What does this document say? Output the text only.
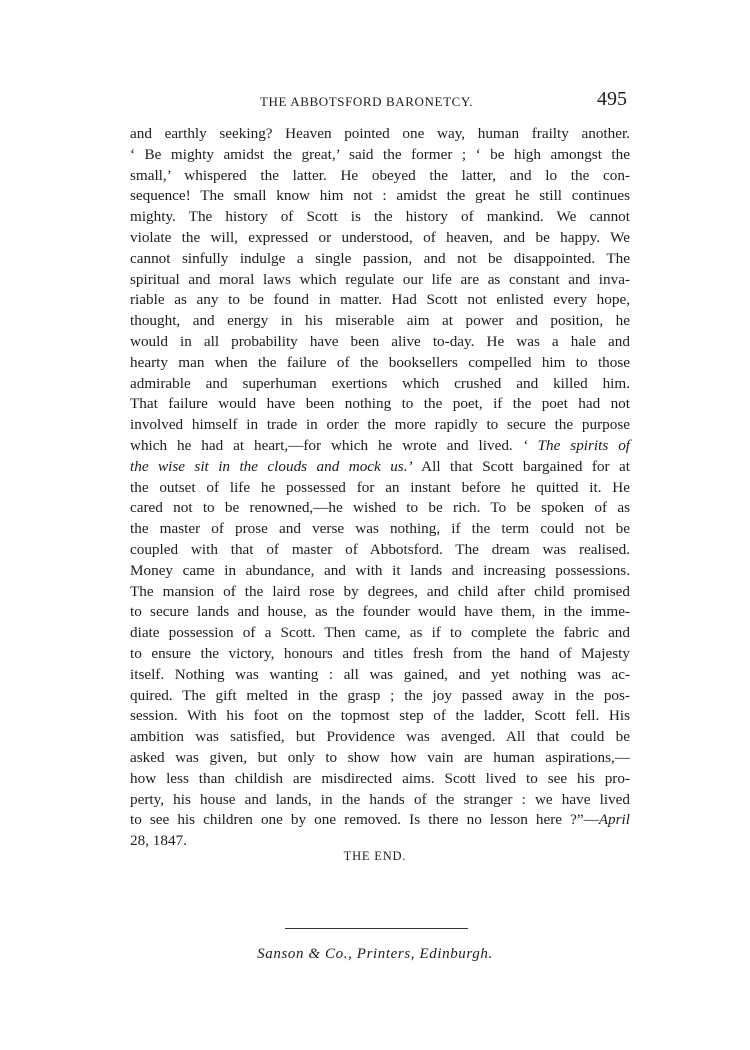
THE ABBOTSFORD BARONETCY.	495
and earthly seeking? Heaven pointed one way, human frailty another.
‘ Be mighty amidst the great,’ said the former ; ‘ be high amongst the
small,’ whispered the latter. He obeyed the latter, and lo the con-
sequence! The small know him not : amidst the great he still continues
mighty. The history of Scott is the history of mankind. We cannot
violate the will, expressed or understood, of heaven, and be happy. We
cannot sinfully indulge a single passion, and not be disappointed. The
spiritual and moral laws which regulate our life are as constant and inva-
riable as any to be found in matter. Had Scott not enlisted every hope,
thought, and energy in his miserable aim at power and position, he
would in all probability have been alive to-day. He was a hale and
hearty man when the failure of the booksellers compelled him to those
admirable and superhuman exertions which crushed and killed him.
That failure would have been nothing to the poet, if the poet had not
involved himself in trade in order the more rapidly to secure the purpose
which he had at heart,—for which he wrote and lived. ‘ The spirits of
the wise sit in the clouds and mock us.’ All that Scott bargained for at
the outset of life he possessed for an instant before he quitted it. He
cared not to be renowned,—he wished to be rich. To be spoken of as
the master of prose and verse was nothing, if the term could not be
coupled with that of master of Abbotsford. The dream was realised.
Money came in abundance, and with it lands and increasing possessions.
The mansion of the laird rose by degrees, and child after child promised
to secure lands and house, as the founder would have them, in the imme-
diate possession of a Scott. Then came, as if to complete the fabric and
to ensure the victory, honours and titles fresh from the hand of Majesty
itself. Nothing was wanting : all was gained, and yet nothing was ac-
quired. The gift melted in the grasp ; the joy passed away in the pos-
session. With his foot on the topmost step of the ladder, Scott fell. His
ambition was satisfied, but Providence was avenged. All that could be
asked was given, but only to show how vain are human aspirations,—
how less than childish are misdirected aims. Scott lived to see his pro-
perty, his house and lands, in the hands of the stranger : we have lived
to see his children one by one removed. Is there no lesson here ?”—April
28, 1847.
THE END.
Sanson & Co., Printers, Edinburgh.
